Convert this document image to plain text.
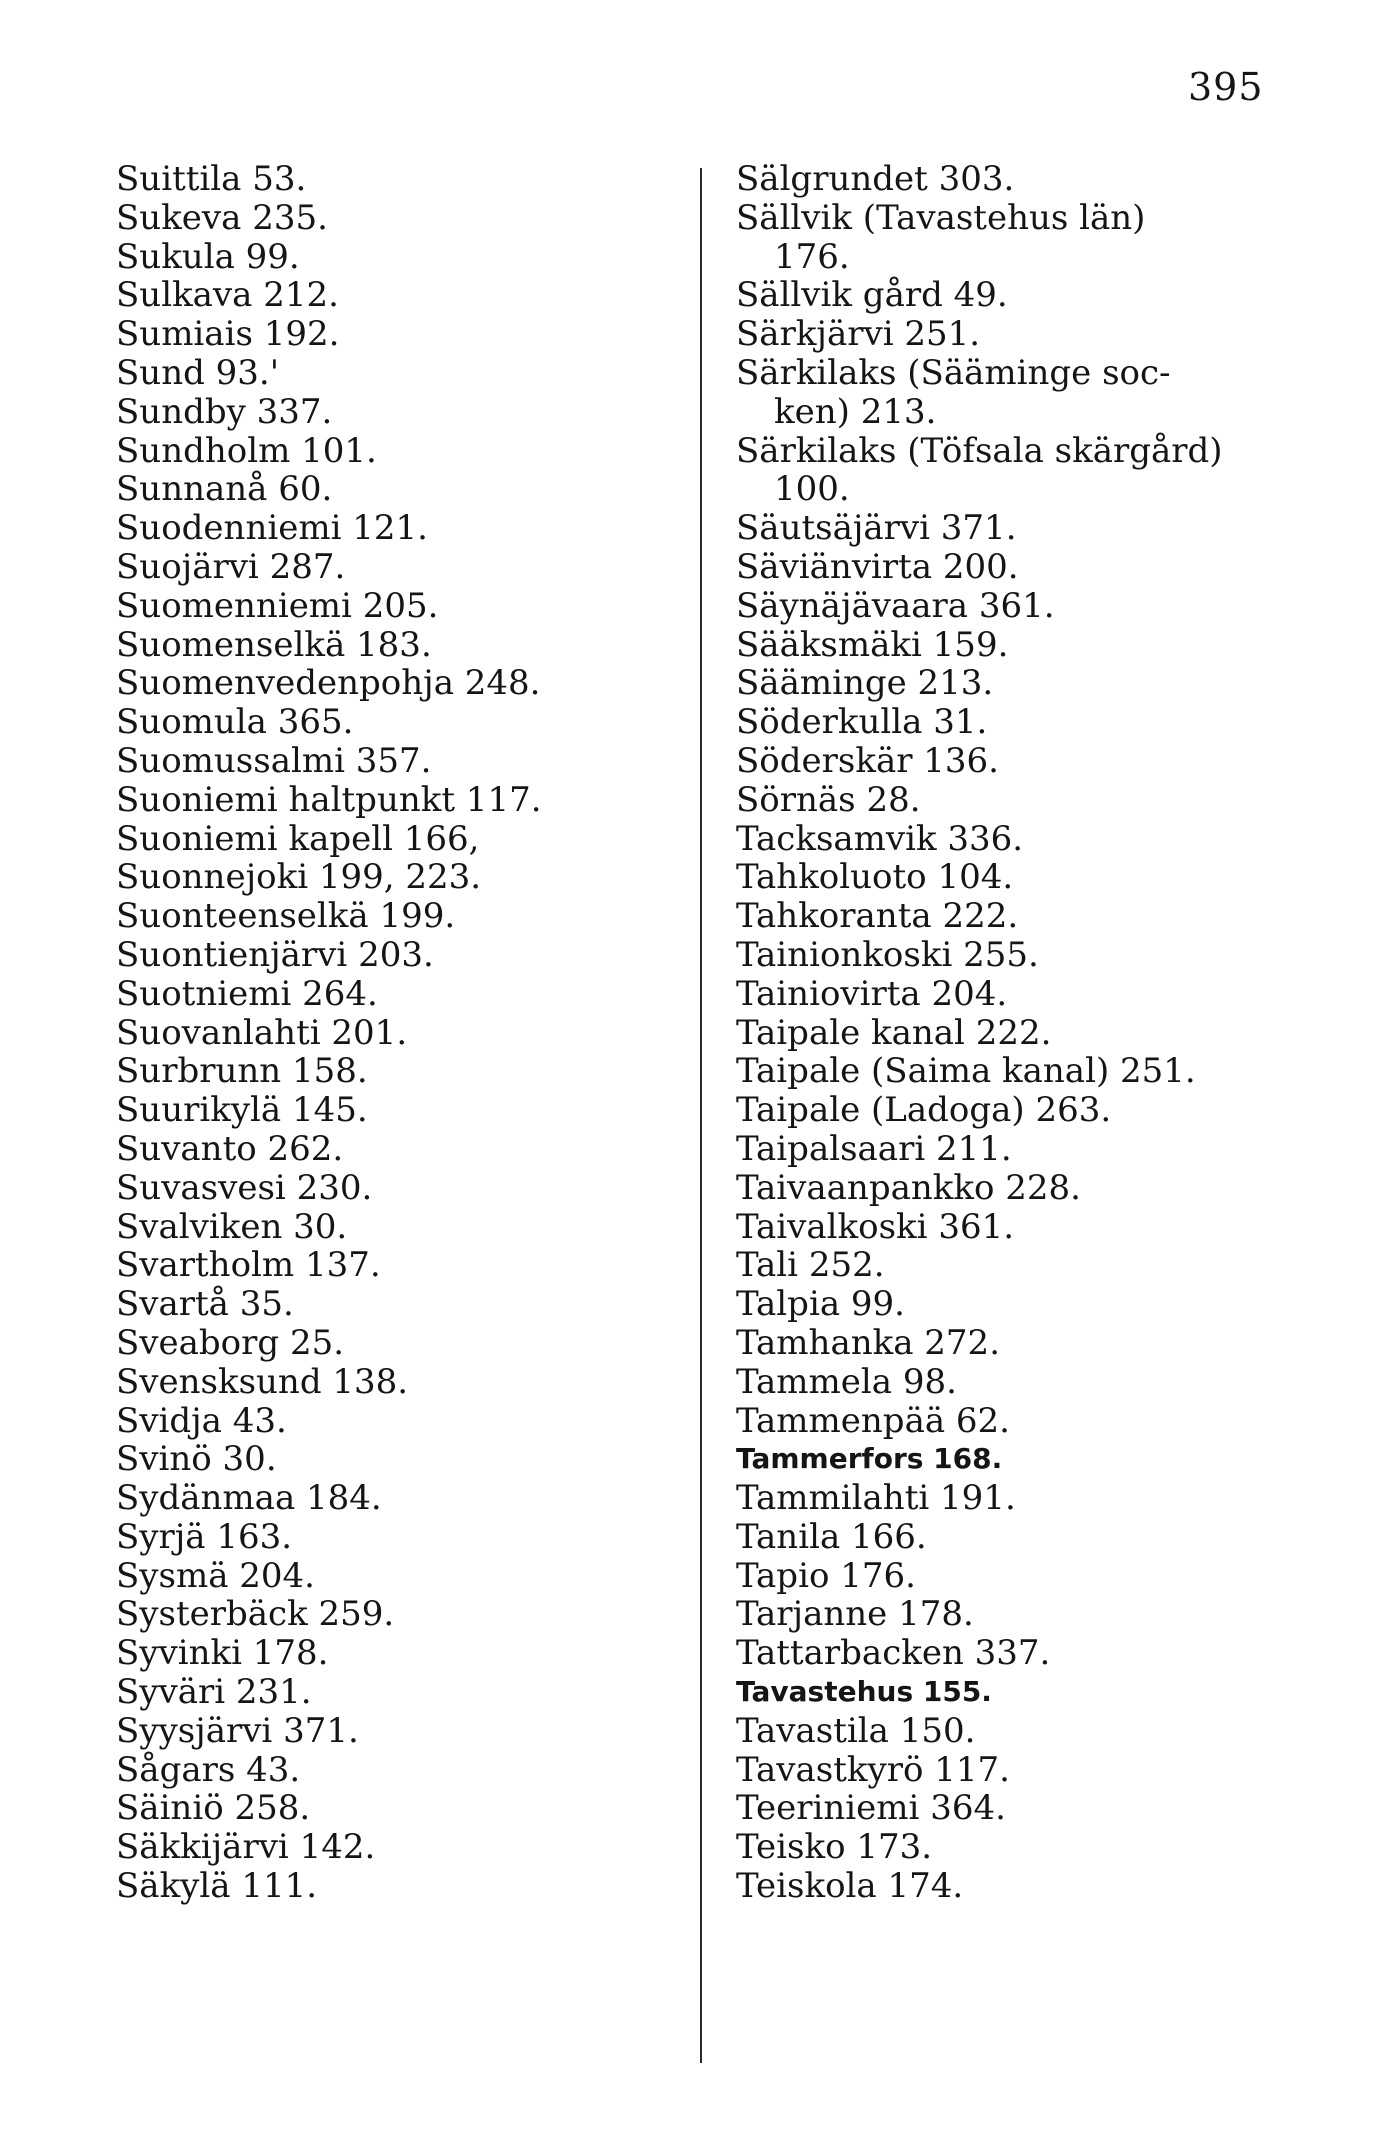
395
Suittila 53.
Sukeva 235.
Sukula 99.
Sulkava 212.
Sumiais 192.
Sund 93.'
Sundby 337.
Sundholm 101.
Sunnanå 60.
Suodenniemi 121.
Suojärvi 287.
Suomenniemi 205.
Suomenselkä 183.
Suomenvedenpohja 248.
Suomula 365.
Suomussalmi 357.
Suoniemi haltpunkt 117.
Suoniemi kapell 166,
Suonnejoki 199, 223.
Suonteenselkä 199.
Suontienjärvi 203.
Suotniemi 264.
Suovanlahti 201.
Surbrunn 158.
Suurikylä 145.
Suvanto 262.
Suvasvesi 230.
Svalviken 30.
Svartholm 137.
Svartå 35.
Sveaborg 25.
Svensksund 138.
Svidja 43.
Svinö 30.
Sydänmaa 184.
Syrjä 163.
Sysmä 204.
Systerbäck 259.
Syvinki 178.
Syväri 231.
Syysjärvi 371.
Sågars 43.
Säiniö 258.
Säkkijärvi 142.
Säkylä 111.
Sälgrundet 303.
Sällvik (Tavastehus län)
176.
Sällvik gård 49.
Särkjärvi 251.
Särkilaks (Sääminge soc-
ken) 213.
Särkilaks (Töfsala skärgård)
100.
Säutsäjärvi 371.
Säviänvirta 200.
Säynäjävaara 361.
Sääksmäki 159.
Sääminge 213.
Söderkulla 31.
Söderskär 136.
Sörnäs 28.
Tacksamvik 336.
Tahkoluoto 104.
Tahkoranta 222.
Tainionkoski 255.
Tainiovirta 204.
Taipale kanal 222.
Taipale (Saima kanal) 251.
Taipale (Ladoga) 263.
Taipalsaari 211.
Taivaanpankko 228.
Taivalkoski 361.
Tali 252.
Talpia 99.
Tamhanka 272.
Tammela 98.
Tammenpää 62.
Tammerfors 168.
Tammilahti 191.
Tanila 166.
Tapio 176.
Tarjanne 178.
Tattarbacken 337.
Tavastehus 155.
Tavastila 150.
Tavastkyrö 117.
Teeriniemi 364.
Teisko 173.
Teiskola 174.
